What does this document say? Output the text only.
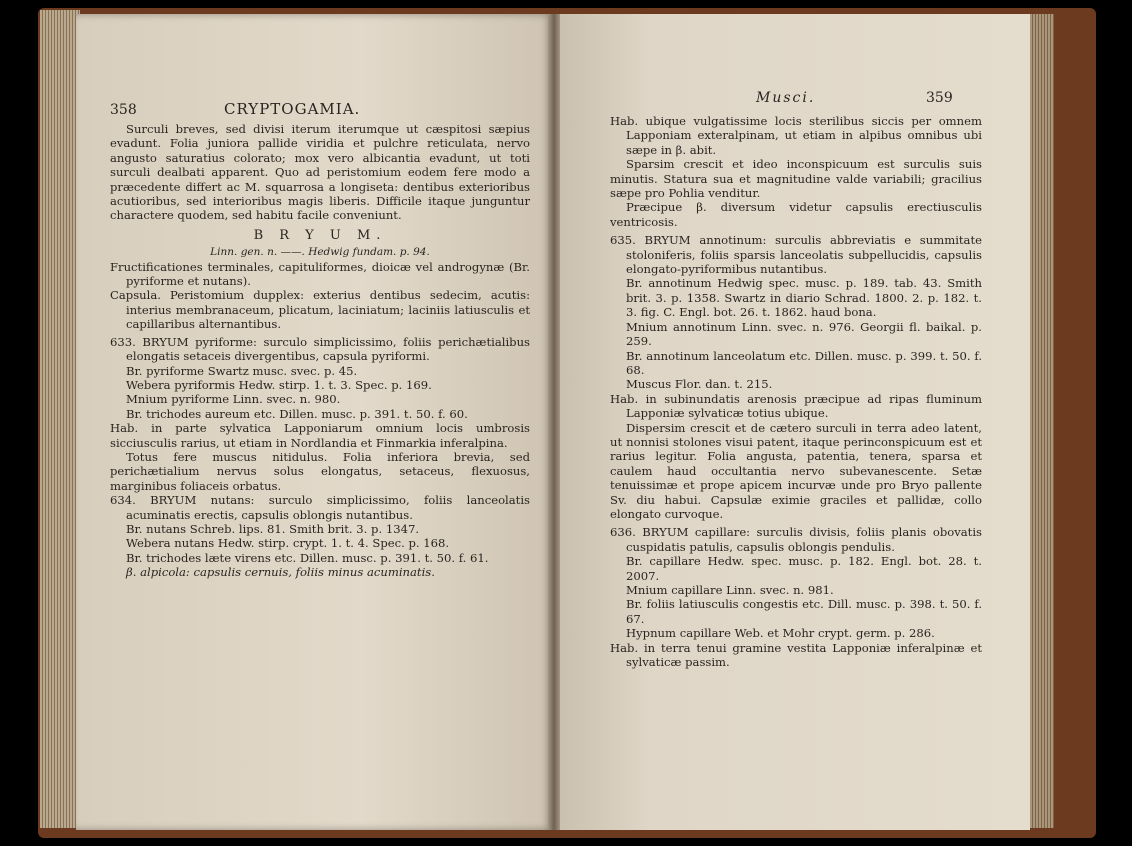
358	CRYPTOGAMIA.

Surculi breves, sed divisi iterum iterumque ut cæspitosi sæpius evadunt. Folia juniora pallide viridia et pulchre reticulata, nervo angusto saturatius colorato; mox vero albicantia evadunt, ut toti surculi dealbati apparent. Quo ad peristomium eodem fere modo a præcedente differt ac M. squarrosa a longiseta: dentibus exterioribus acutioribus, sed interioribus magis liberis. Difficile itaque junguntur charactere quodem, sed habitu facile conveniunt.

B R Y U M.

Linn. gen. n. ——. Hedwig fundam. p. 94.

Fructificationes terminales, capituliformes, dioicæ vel androgynæ (Br. pyriforme et nutans).

Capsula. Peristomium dupplex: exterius dentibus sedecim, acutis: interius membranaceum, plicatum, laciniatum; laciniis latiusculis et capillaribus alternantibus.

633. BRYUM pyriforme: surculo simplicissimo, foliis perichætialibus elongatis setaceis divergentibus, capsula pyriformi.

Br. pyriforme Swartz musc. svec. p. 45.

Webera pyriformis Hedw. stirp. 1. t. 3. Spec. p. 169.

Mnium pyriforme Linn. svec. n. 980.

Br. trichodes aureum etc. Dillen. musc. p. 391. t. 50. f. 60.

Hab. in parte sylvatica Lapponiarum omnium locis umbrosis sicciusculis rarius, ut etiam in Nordlandia et Finmarkia inferalpina.

Totus fere muscus nitidulus. Folia inferiora brevia, sed perichætialium nervus solus elongatus, setaceus, flexuosus, marginibus foliaceis orbatus.

634. BRYUM nutans: surculo simplicissimo, foliis lanceolatis acuminatis erectis, capsulis oblongis nutantibus.

Br. nutans Schreb. lips. 81. Smith brit. 3. p. 1347.

Webera nutans Hedw. stirp. crypt. 1. t. 4. Spec. p. 168.

Br. trichodes læte virens etc. Dillen. musc. p. 391. t. 50. f. 61.

β. alpicola: capsulis cernuis, foliis minus acuminatis.

Musci.	359

Hab. ubique vulgatissime locis sterilibus siccis per omnem Lapponiam exteralpinam, ut etiam in alpibus omnibus ubi sæpe in β. abit.

Sparsim crescit et ideo inconspicuum est surculis suis minutis. Statura sua et magnitudine valde variabili; gracilius sæpe pro Pohlia venditur.

Præcipue β. diversum videtur capsulis erectiusculis ventricosis.

635. BRYUM annotinum: surculis abbreviatis e summitate stoloniferis, foliis sparsis lanceolatis subpellucidis, capsulis elongato-pyriformibus nutantibus.

Br. annotinum Hedwig spec. musc. p. 189. tab. 43. Smith brit. 3. p. 1358. Swartz in diario Schrad. 1800. 2. p. 182. t. 3. fig. C. Engl. bot. 26. t. 1862. haud bona.

Mnium annotinum Linn. svec. n. 976. Georgii fl. baikal. p. 259.

Br. annotinum lanceolatum etc. Dillen. musc. p. 399. t. 50. f. 68.

Muscus Flor. dan. t. 215.

Hab. in subinundatis arenosis præcipue ad ripas fluminum Lapponiæ sylvaticæ totius ubique.

Dispersim crescit et de cætero surculi in terra adeo latent, ut nonnisi stolones visui patent, itaque perinconspicuum est et rarius legitur. Folia angusta, patentia, tenera, sparsa et caulem haud occultantia nervo subevanescente. Setæ tenuissimæ et prope apicem incurvæ unde pro Bryo pallente Sv. diu habui. Capsulæ eximie graciles et pallidæ, collo elongato curvoque.

636. BRYUM capillare: surculis divisis, foliis planis obovatis cuspidatis patulis, capsulis oblongis pendulis.

Br. capillare Hedw. spec. musc. p. 182. Engl. bot. 28. t. 2007.

Mnium capillare Linn. svec. n. 981.

Br. foliis latiusculis congestis etc. Dill. musc. p. 398. t. 50. f. 67.

Hypnum capillare Web. et Mohr crypt. germ. p. 286.

Hab. in terra tenui gramine vestita Lapponiæ inferalpinæ et sylvaticæ passim.
